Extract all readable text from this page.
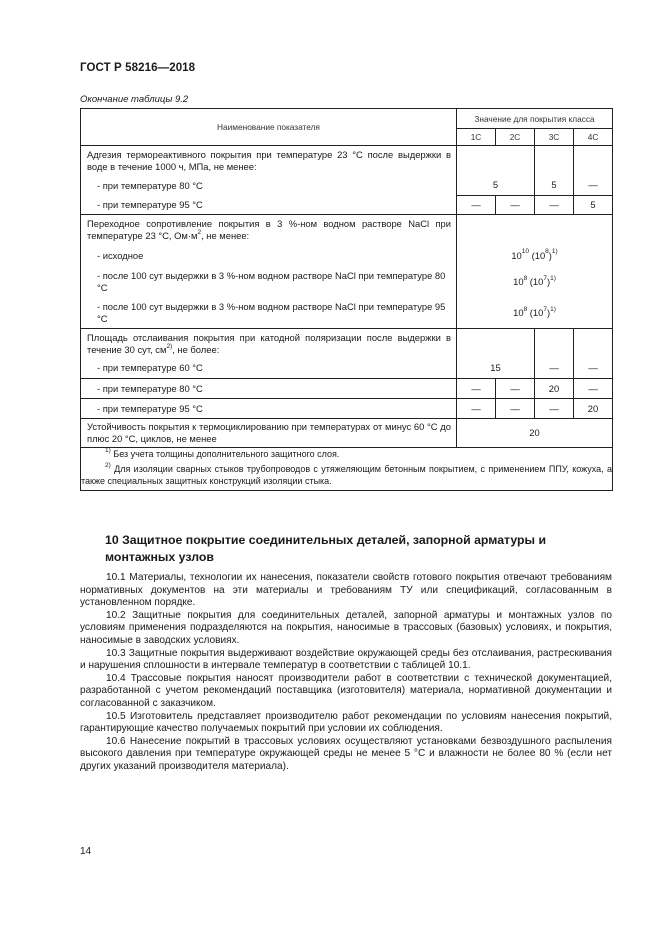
ГОСТ Р 58216—2018
Окончание таблицы 9.2
Наименование показателя	Значение для покрытия класса			
	1C	2C	3C	4C
Адгезия термореактивного покрытия при температуре 23 °С после выдержки в воде в течение 1000 ч, МПа, не менее:				

- при температуре 80 °С	5		5	—

- при температуре 95 °С	—	—	—	5
Переходное сопротивление покрытия в 3 %-ном водном растворе NaCl при температуре 23 °С, $Ом\cdot м^2$, не менее:				

- исходное	$10^{10}$ $(10^8)^{1)}$

- после 100 сут выдержки в 3 %-ном водном растворе NaCl при температуре 80 °С	$10^8$ $(10^7)^{1)}$

- после 100 сут выдержки в 3 %-ном водном растворе NaCl при температуре 95 °С	$10^8$ $(10^7)^{1)}$
Площадь отслаивания покрытия при катодной поляризации после выдержки в течение 30 сут, $см^{2)}$, не более:				

- при температуре 60 °С	15		—	—

- при температуре 80 °С	—	—	20	—

- при температуре 95 °С	—	—	—	20
Устойчивость покрытия к термоциклированию при температурах от минус 60 °С до плюс 20 °С, циклов, не менее	20			

$^{1)}$ Без учета толщины дополнительного защитного слоя.

$^{2)}$ Для изоляции сварных стыков трубопроводов с утяжеляющим бетонным покрытием, с применением ППУ, кожуха, а также специальных защитных конструкций изоляции стыка.				

10 Защитное покрытие соединительных деталей, запорной арматуры и монтажных узлов

10.1 Материалы, технологии их нанесения, показатели свойств готового покрытия отвечают требованиям нормативных документов на эти материалы и требованиям ТУ или спецификаций, согласованным в установленном порядке.

10.2 Защитные покрытия для соединительных деталей, запорной арматуры и монтажных узлов по условиям применения подразделяются на покрытия, наносимые в трассовых (базовых) условиях, и покрытия, наносимые в заводских условиях.

10.3 Защитные покрытия выдерживают воздействие окружающей среды без отслаивания, растрескивания и нарушения сплошности в интервале температур в соответствии с таблицей 10.1.

10.4 Трассовые покрытия наносят производители работ в соответствии с технической документацией, разработанной с учетом рекомендаций поставщика (изготовителя) материала, нормативной документации и согласованной с заказчиком.

10.5 Изготовитель представляет производителю работ рекомендации по условиям нанесения покрытий, гарантирующие качество получаемых покрытий при условии их соблюдения.

10.6 Нанесение покрытий в трассовых условиях осуществляют установками безвоздушного распыления высокого давления при температуре окружающей среды не менее 5 °С и влажности не более 80 % (если нет других указаний производителя материала).

14
